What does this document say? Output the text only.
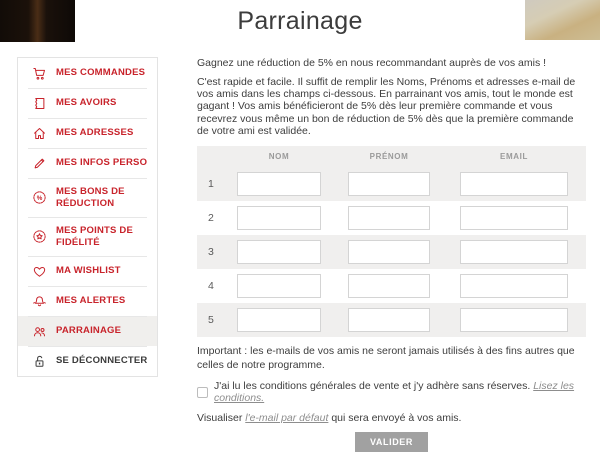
Parrainage
MES COMMANDES
MES AVOIRS
MES ADRESSES
MES INFOS PERSO
%
MES BONS DE RÉDUCTION
MES POINTS DE FIDÉLITÉ
MA WISHLIST
MES ALERTES
PARRAINAGE
SE DÉCONNECTER

Gagnez une réduction de 5% en nous recommandant auprès de vos amis !

C'est rapide et facile. Il suffit de remplir les Noms, Prénoms et adresses e-mail de vos amis dans les champs ci-dessous. En parrainant vos amis, tout le monde est gagant ! Vos amis bénéficieront de 5% dès leur première commande et vous recevrez vous même un bon de réduction de 5% dès que la première commande de votre ami est validée.

NOM	PRÉNOM	EMAIL
1
2
3
4
5

Important : les e-mails de vos amis ne seront jamais utilisés à des fins autres que celles de notre programme.

J'ai lu les conditions générales de vente et j'y adhère sans réserves. Lisez les conditions.

Visualiser l'e-mail par défaut qui sera envoyé à vos amis.

VALIDER
